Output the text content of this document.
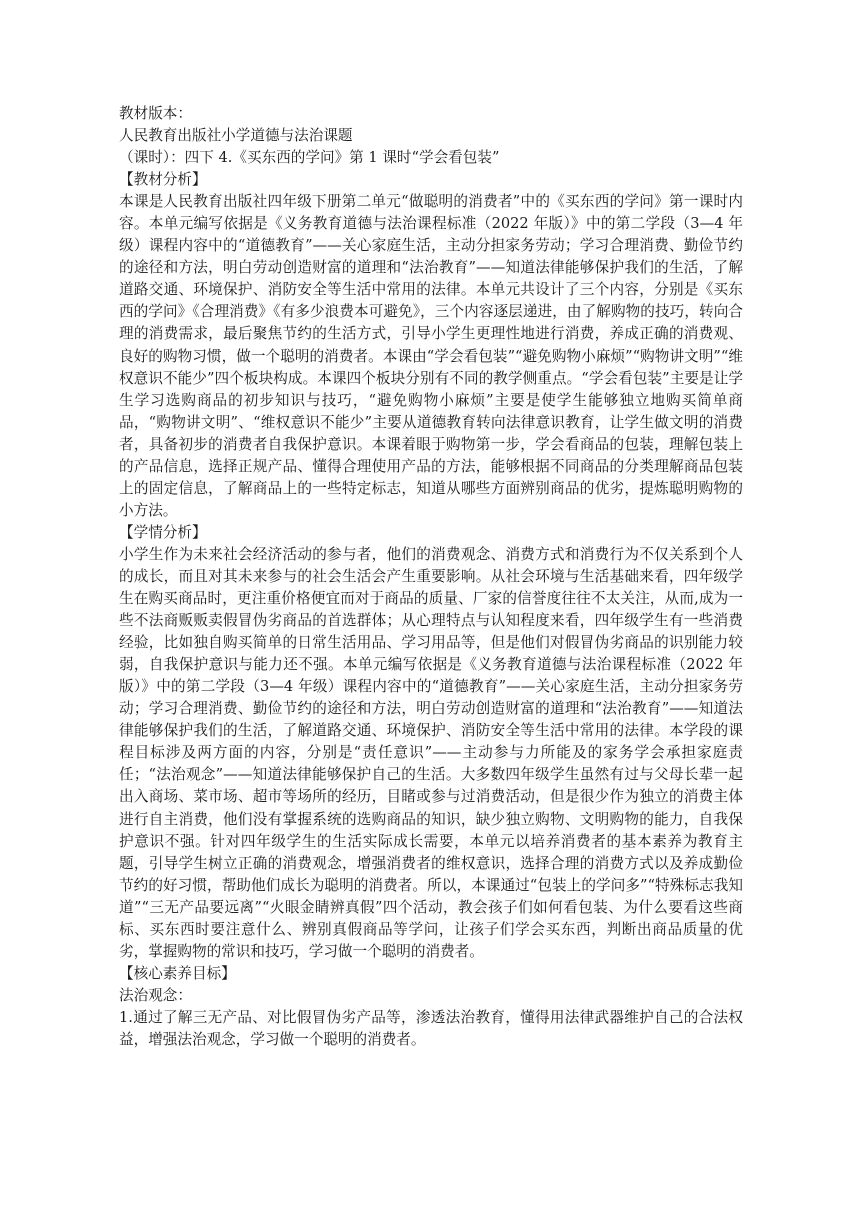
教材版本：

人民教育出版社小学道德与法治课题

（课时）：四下 4.《买东西的学问》第 1 课时“学会看包装”

【教材分析】

本课是人民教育出版社四年级下册第二单元“做聪明的消费者”中的《买东西的学问》第一课时内容。本单元编写依据是《义务教育道德与法治课程标准（2022 年版）》中的第二学段（3—4 年级）课程内容中的“道德教育”——关心家庭生活，主动分担家务劳动；学习合理消费、勤俭节约的途径和方法，明白劳动创造财富的道理和“法治教育”——知道法律能够保护我们的生活，了解道路交通、环境保护、消防安全等生活中常用的法律。本单元共设计了三个内容，分别是《买东西的学问》《合理消费》《有多少浪费本可避免》，三个内容逐层递进，由了解购物的技巧，转向合理的消费需求，最后聚焦节约的生活方式，引导小学生更理性地进行消费，养成正确的消费观、良好的购物习惯，做一个聪明的消费者。本课由“学会看包装”“避免购物小麻烦”“购物讲文明”“维权意识不能少”四个板块构成。本课四个板块分别有不同的教学侧重点。“学会看包装”主要是让学生学习选购商品的初步知识与技巧，“避免购物小麻烦”主要是使学生能够独立地购买简单商品，“购物讲文明”、“维权意识不能少”主要从道德教育转向法律意识教育，让学生做文明的消费者，具备初步的消费者自我保护意识。本课着眼于购物第一步，学会看商品的包装，理解包装上的产品信息，选择正规产品、懂得合理使用产品的方法，能够根据不同商品的分类理解商品包装上的固定信息，了解商品上的一些特定标志，知道从哪些方面辨别商品的优劣，提炼聪明购物的小方法。

【学情分析】

小学生作为未来社会经济活动的参与者，他们的消费观念、消费方式和消费行为不仅关系到个人的成长，而且对其未来参与的社会生活会产生重要影响。从社会环境与生活基础来看，四年级学生在购买商品时，更注重价格便宜而对于商品的质量、厂家的信誉度往往不太关注，从而,成为一些不法商贩贩卖假冒伪劣商品的首选群体；从心理特点与认知程度来看，四年级学生有一些消费经验，比如独自购买简单的日常生活用品、学习用品等，但是他们对假冒伪劣商品的识别能力较弱，自我保护意识与能力还不强。本单元编写依据是《义务教育道德与法治课程标准（2022 年版）》中的第二学段（3—4 年级）课程内容中的“道德教育”——关心家庭生活，主动分担家务劳动；学习合理消费、勤俭节约的途径和方法，明白劳动创造财富的道理和“法治教育”——知道法律能够保护我们的生活，了解道路交通、环境保护、消防安全等生活中常用的法律。本学段的课程目标涉及两方面的内容，分别是“责任意识”——主动参与力所能及的家务学会承担家庭责任；“法治观念”——知道法律能够保护自己的生活。大多数四年级学生虽然有过与父母长辈一起出入商场、菜市场、超市等场所的经历，目睹或参与过消费活动，但是很少作为独立的消费主体进行自主消费，他们没有掌握系统的选购商品的知识，缺少独立购物、文明购物的能力，自我保护意识不强。针对四年级学生的生活实际成长需要，本单元以培养消费者的基本素养为教育主题，引导学生树立正确的消费观念，增强消费者的维权意识，选择合理的消费方式以及养成勤俭节约的好习惯，帮助他们成长为聪明的消费者。所以，本课通过“包装上的学问多”“特殊标志我知道”“三无产品要远离”“火眼金睛辨真假”四个活动，教会孩子们如何看包装、为什么要看这些商标、买东西时要注意什么、辨别真假商品等学问，让孩子们学会买东西，判断出商品质量的优劣，掌握购物的常识和技巧，学习做一个聪明的消费者。

【核心素养目标】

法治观念：

1.通过了解三无产品、对比假冒伪劣产品等，渗透法治教育，懂得用法律武器维护自己的合法权益，增强法治观念，学习做一个聪明的消费者。
